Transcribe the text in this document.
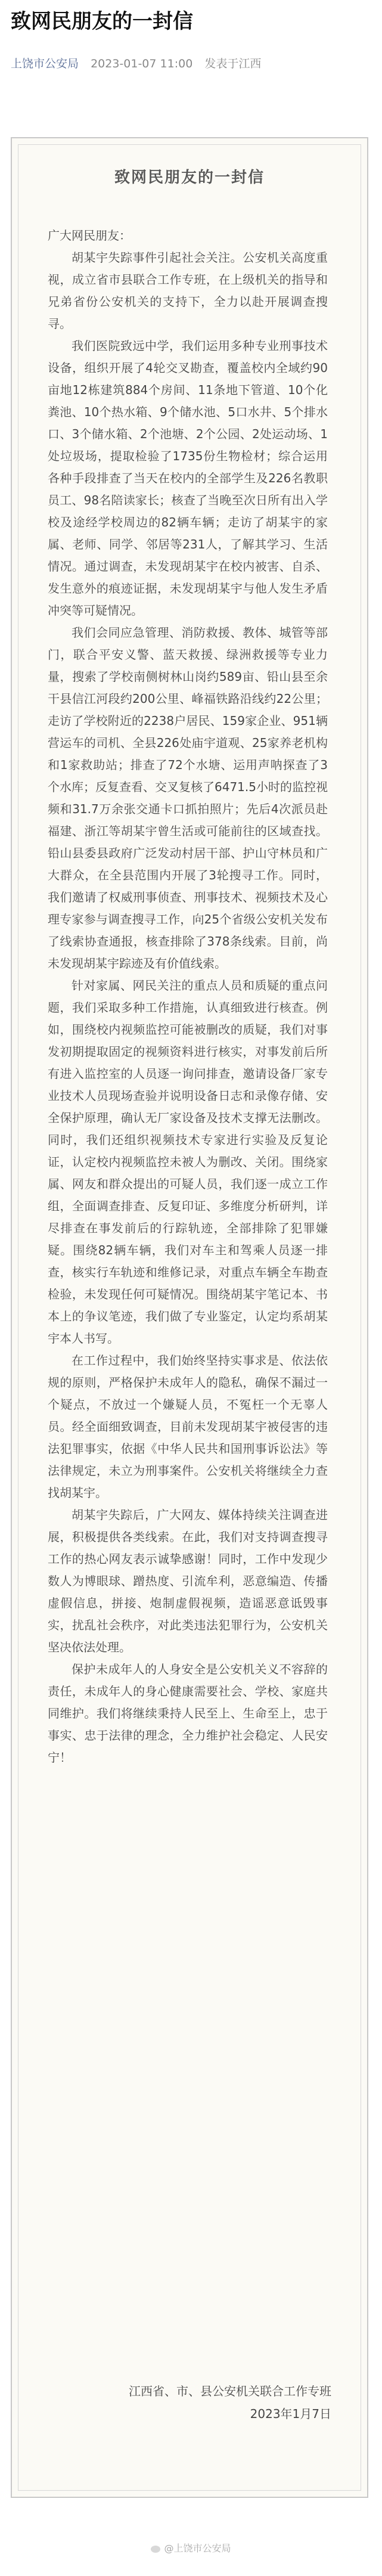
致网民朋友的一封信
上饶市公安局 2023-01-07 11:00 发表于江西
致网民朋友的一封信

广大网民朋友：

胡某宇失踪事件引起社会关注。公安机关高度重视，成立省市县联合工作专班，在上级机关的指导和兄弟省份公安机关的支持下，全力以赴开展调查搜寻。

我们医院致远中学，我们运用多种专业刑事技术设备，组织开展了4轮交叉勘查，覆盖校内全域约90亩地12栋建筑884个房间、11条地下管道、10个化粪池、10个热水箱、9个储水池、5口水井、5个排水口、3个储水箱、2个池塘、2个公园、2处运动场、1处垃圾场，提取检验了1735份生物检材；综合运用各种手段排查了当天在校内的全部学生及226名教职员工、98名陪读家长；核查了当晚至次日所有出入学校及途经学校周边的82辆车辆；走访了胡某宇的家属、老师、同学、邻居等231人，了解其学习、生活情况。通过调查，未发现胡某宇在校内被害、自杀、发生意外的痕迹证据，未发现胡某宇与他人发生矛盾冲突等可疑情况。

我们会同应急管理、消防救援、教体、城管等部门，联合平安义警、蓝天救援、绿洲救援等专业力量，搜索了学校南侧树林山岗约589亩、铅山县至余干县信江河段约200公里、峰福铁路沿线约22公里；走访了学校附近的2238户居民、159家企业、951辆营运车的司机、全县226处庙宇道观、25家养老机构和1家救助站；排查了72个水塘、运用声呐探查了3个水库；反复查看、交叉复核了6471.5小时的监控视频和31.7万余张交通卡口抓拍照片；先后4次派员赴福建、浙江等胡某宇曾生活或可能前往的区域查找。铅山县委县政府广泛发动村居干部、护山守林员和广大群众，在全县范围内开展了3轮搜寻工作。同时，我们邀请了权威刑事侦查、刑事技术、视频技术及心理专家参与调查搜寻工作，向25个省级公安机关发布了线索协查通报，核查排除了378条线索。目前，尚未发现胡某宇踪迹及有价值线索。

针对家属、网民关注的重点人员和质疑的重点问题，我们采取多种工作措施，认真细致进行核查。例如，围绕校内视频监控可能被删改的质疑，我们对事发初期提取固定的视频资料进行核实，对事发前后所有进入监控室的人员逐一询问排查，邀请设备厂家专业技术人员现场查验并说明设备日志和录像存储、安全保护原理，确认无厂家设备及技术支撑无法删改。同时，我们还组织视频技术专家进行实验及反复论证，认定校内视频监控未被人为删改、关闭。围绕家属、网友和群众提出的可疑人员，我们逐一成立工作组，全面调查排查、反复印证、多维度分析研判，详尽排查在事发前后的行踪轨迹，全部排除了犯罪嫌疑。围绕82辆车辆，我们对车主和驾乘人员逐一排查，核实行车轨迹和维修记录，对重点车辆全车勘查检验，未发现任何可疑情况。围绕胡某宇笔记本、书本上的争议笔迹，我们做了专业鉴定，认定均系胡某宇本人书写。

在工作过程中，我们始终坚持实事求是、依法依规的原则，严格保护未成年人的隐私，确保不漏过一个疑点，不放过一个嫌疑人员，不冤枉一个无辜人员。经全面细致调查，目前未发现胡某宇被侵害的违法犯罪事实，依据《中华人民共和国刑事诉讼法》等法律规定，未立为刑事案件。公安机关将继续全力查找胡某宇。

胡某宇失踪后，广大网友、媒体持续关注调查进展，积极提供各类线索。在此，我们对支持调查搜寻工作的热心网友表示诚挚感谢！同时，工作中发现少数人为博眼球、蹭热度、引流牟利，恶意编造、传播虚假信息，拼接、炮制虚假视频，造谣恶意诋毁事实，扰乱社会秩序，对此类违法犯罪行为，公安机关坚决依法处理。

保护未成年人的人身安全是公安机关义不容辞的责任，未成年人的身心健康需要社会、学校、家庭共同维护。我们将继续秉持人民至上、生命至上，忠于事实、忠于法律的理念，全力维护社会稳定、人民安宁！

江西省、市、县公安机关联合工作专班
2023年1月7日
@上饶市公安局
